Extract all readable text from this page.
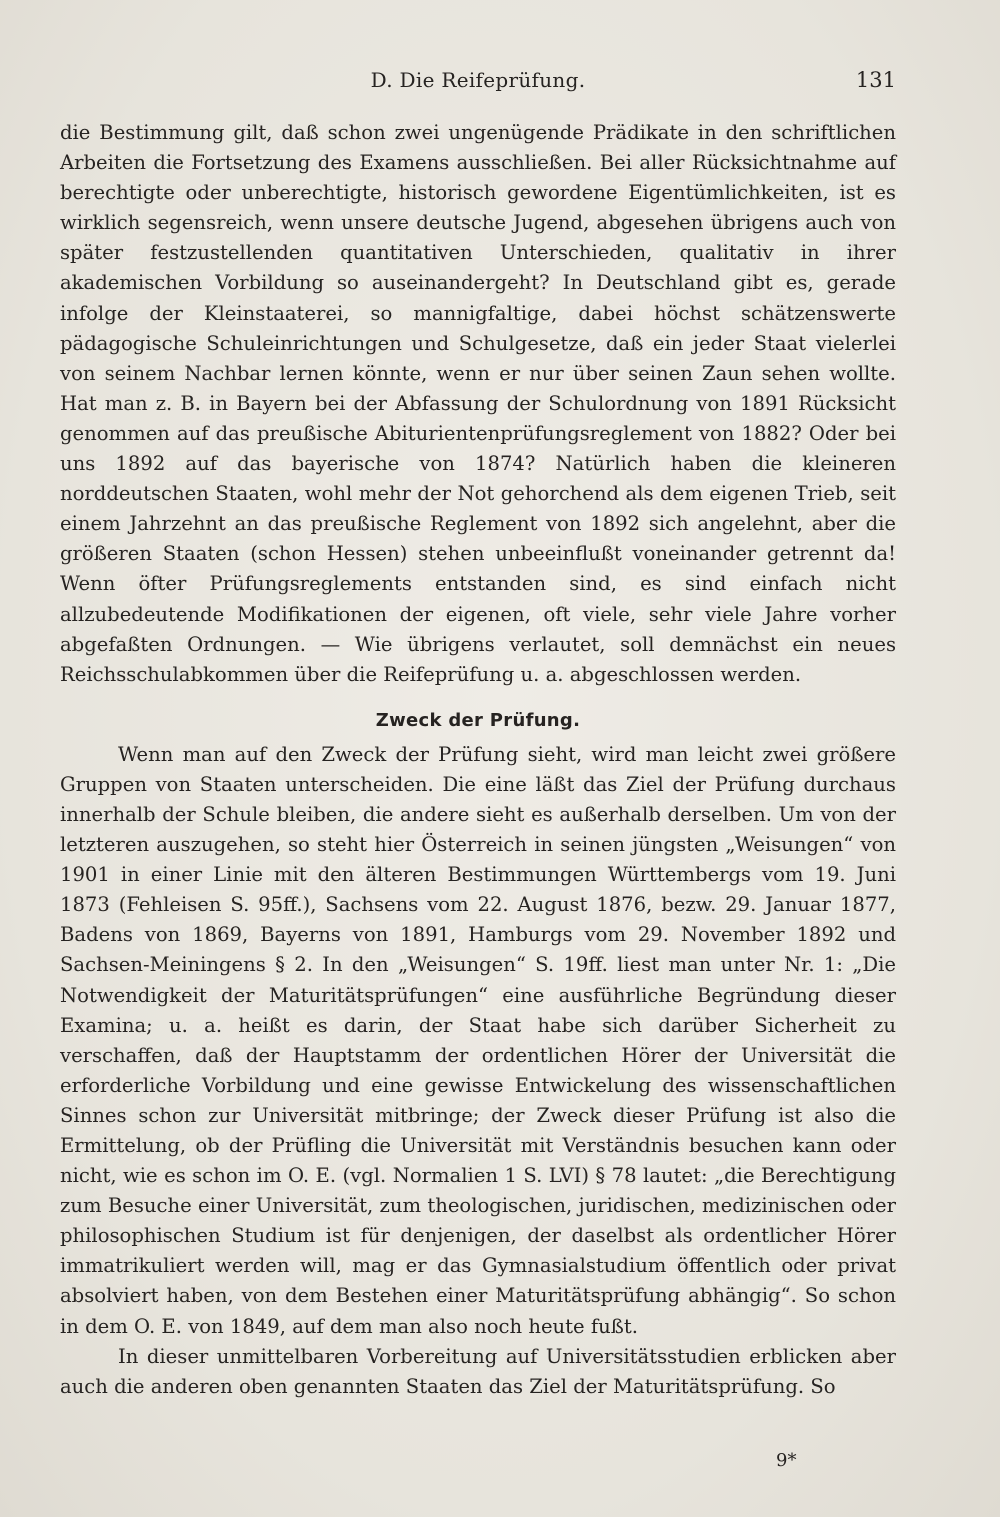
D. Die Reifeprüfung.	131

die Bestimmung gilt, daß schon zwei ungenügende Prädikate in den schriftlichen Arbeiten die Fortsetzung des Examens ausschließen. Bei aller Rücksichtnahme auf berechtigte oder unberechtigte, historisch gewordene Eigentümlichkeiten, ist es wirklich segensreich, wenn unsere deutsche Jugend, abgesehen übrigens auch von später festzustellenden quantitativen Unterschieden, qualitativ in ihrer akademischen Vorbildung so auseinandergeht? In Deutschland gibt es, gerade infolge der Kleinstaaterei, so mannigfaltige, dabei höchst schätzenswerte pädagogische Schuleinrichtungen und Schulgesetze, daß ein jeder Staat vielerlei von seinem Nachbar lernen könnte, wenn er nur über seinen Zaun sehen wollte. Hat man z. B. in Bayern bei der Abfassung der Schulordnung von 1891 Rücksicht genommen auf das preußische Abiturientenprüfungsreglement von 1882? Oder bei uns 1892 auf das bayerische von 1874? Natürlich haben die kleineren norddeutschen Staaten, wohl mehr der Not gehorchend als dem eigenen Trieb, seit einem Jahrzehnt an das preußische Reglement von 1892 sich angelehnt, aber die größeren Staaten (schon Hessen) stehen unbeeinflußt voneinander getrennt da! Wenn öfter Prüfungsreglements entstanden sind, es sind einfach nicht allzubedeutende Modifikationen der eigenen, oft viele, sehr viele Jahre vorher abgefaßten Ordnungen. — Wie übrigens verlautet, soll demnächst ein neues Reichsschulabkommen über die Reifeprüfung u. a. abgeschlossen werden.

Zweck der Prüfung.

Wenn man auf den Zweck der Prüfung sieht, wird man leicht zwei größere Gruppen von Staaten unterscheiden. Die eine läßt das Ziel der Prüfung durchaus innerhalb der Schule bleiben, die andere sieht es außerhalb derselben. Um von der letzteren auszugehen, so steht hier Österreich in seinen jüngsten „Weisungen“ von 1901 in einer Linie mit den älteren Bestimmungen Württembergs vom 19. Juni 1873 (Fehleisen S. 95ff.), Sachsens vom 22. August 1876, bezw. 29. Januar 1877, Badens von 1869, Bayerns von 1891, Hamburgs vom 29. November 1892 und Sachsen-Meiningens § 2. In den „Weisungen“ S. 19ff. liest man unter Nr. 1: „Die Notwendigkeit der Maturitätsprüfungen“ eine ausführliche Begründung dieser Examina; u. a. heißt es darin, der Staat habe sich darüber Sicherheit zu verschaffen, daß der Hauptstamm der ordentlichen Hörer der Universität die erforderliche Vorbildung und eine gewisse Entwickelung des wissenschaftlichen Sinnes schon zur Universität mitbringe; der Zweck dieser Prüfung ist also die Ermittelung, ob der Prüfling die Universität mit Verständnis besuchen kann oder nicht, wie es schon im O. E. (vgl. Normalien 1 S. LVI) § 78 lautet: „die Berechtigung zum Besuche einer Universität, zum theologischen, juridischen, medizinischen oder philosophischen Studium ist für denjenigen, der daselbst als ordentlicher Hörer immatrikuliert werden will, mag er das Gymnasialstudium öffentlich oder privat absolviert haben, von dem Bestehen einer Maturitätsprüfung abhängig“. So schon in dem O. E. von 1849, auf dem man also noch heute fußt.

In dieser unmittelbaren Vorbereitung auf Universitätsstudien erblicken aber auch die anderen oben genannten Staaten das Ziel der Maturitätsprüfung. So

9*
